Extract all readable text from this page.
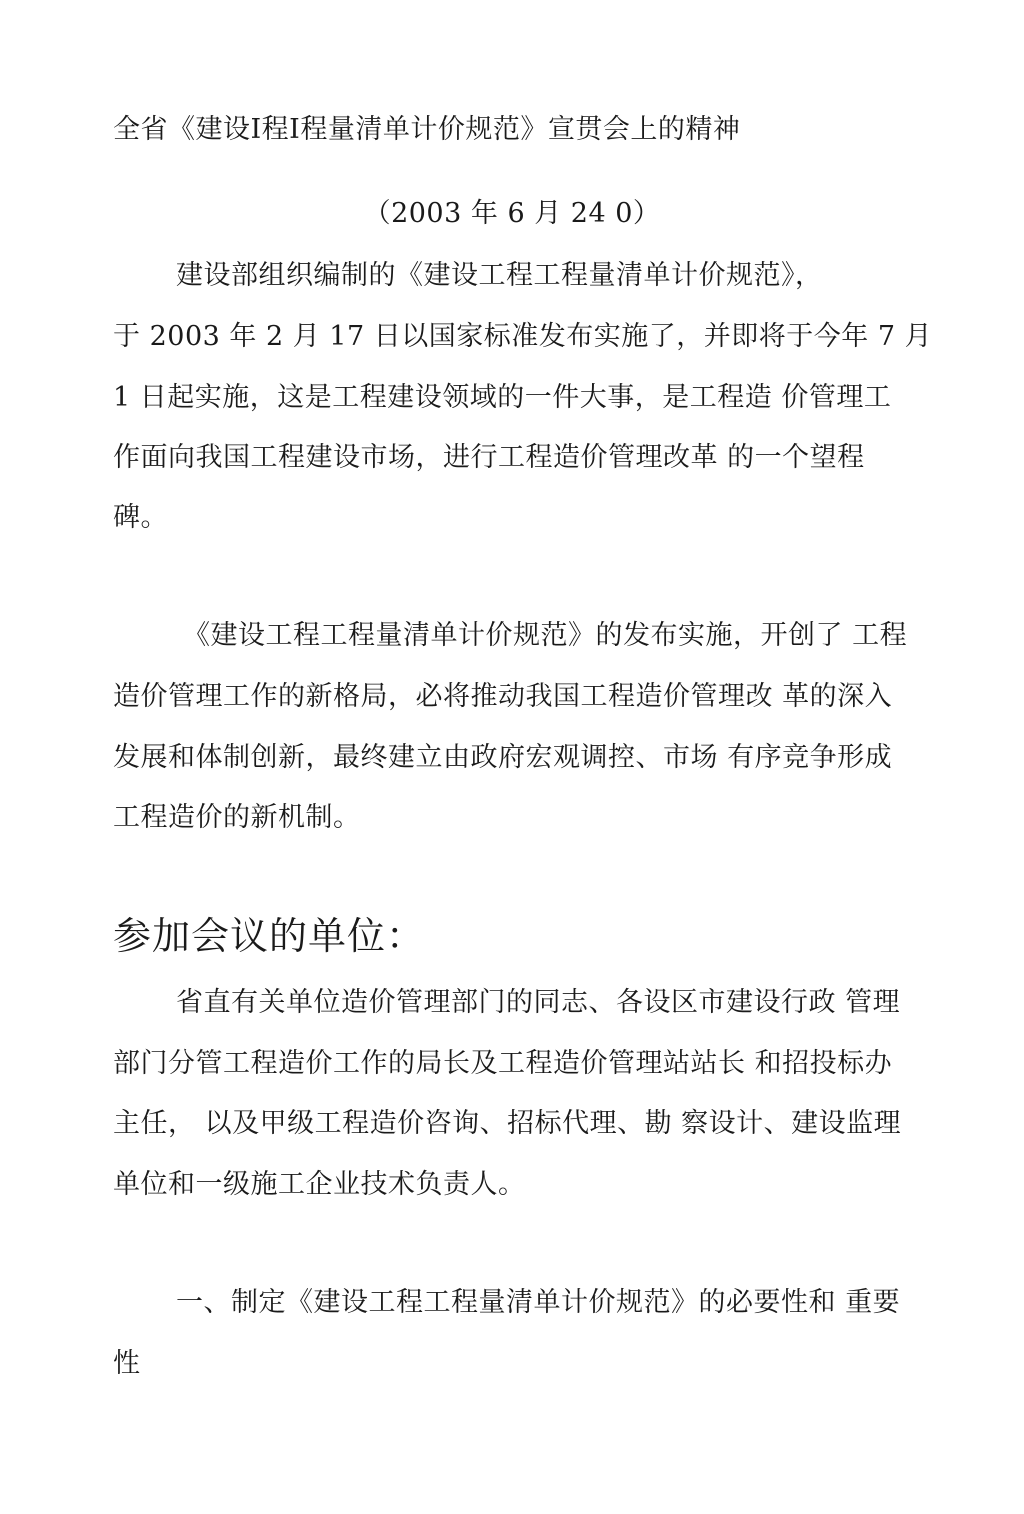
全省《建设I程I程量清单计价规范》宣贯会上的精神
（2003 年 6 月 24 0）
建设部组织编制的《建设工程工程量清单计价规范》，
于 2003 年 2 月 17 日以国家标准发布实施了，并即将于今年 7 月
1 日起实施，这是工程建设领域的一件大事，是工程造 价管理工
作面向我国工程建设市场，进行工程造价管理改革 的一个望程
碑。
《建设工程工程量清单计价规范》的发布实施，开创了 工程
造价管理工作的新格局，必将推动我国工程造价管理改 革的深入
发展和体制创新，最终建立由政府宏观调控、市场 有序竞争形成
工程造价的新机制。
参加会议的单位：
省直有关单位造价管理部门的同志、各设区市建设行政 管理
部门分管工程造价工作的局长及工程造价管理站站长 和招投标办
主任， 以及甲级工程造价咨询、招标代理、勘 察设计、建设监理
单位和一级施工企业技术负责人。
一、制定《建设工程工程量清单计价规范》的必要性和 重要
性
